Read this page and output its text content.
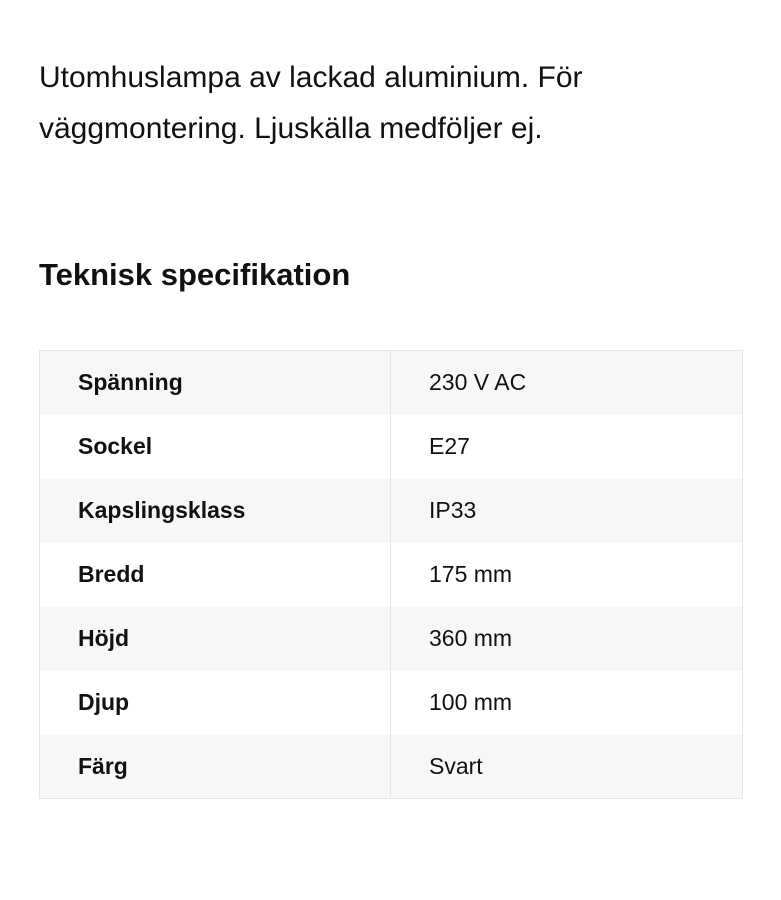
Utomhuslampa av lackad aluminium. För väggmontering. Ljuskälla medföljer ej.

Teknisk specifikation
Spänning	230 V AC
Sockel	E27
Kapslingsklass	IP33
Bredd	175 mm
Höjd	360 mm
Djup	100 mm
Färg	Svart
